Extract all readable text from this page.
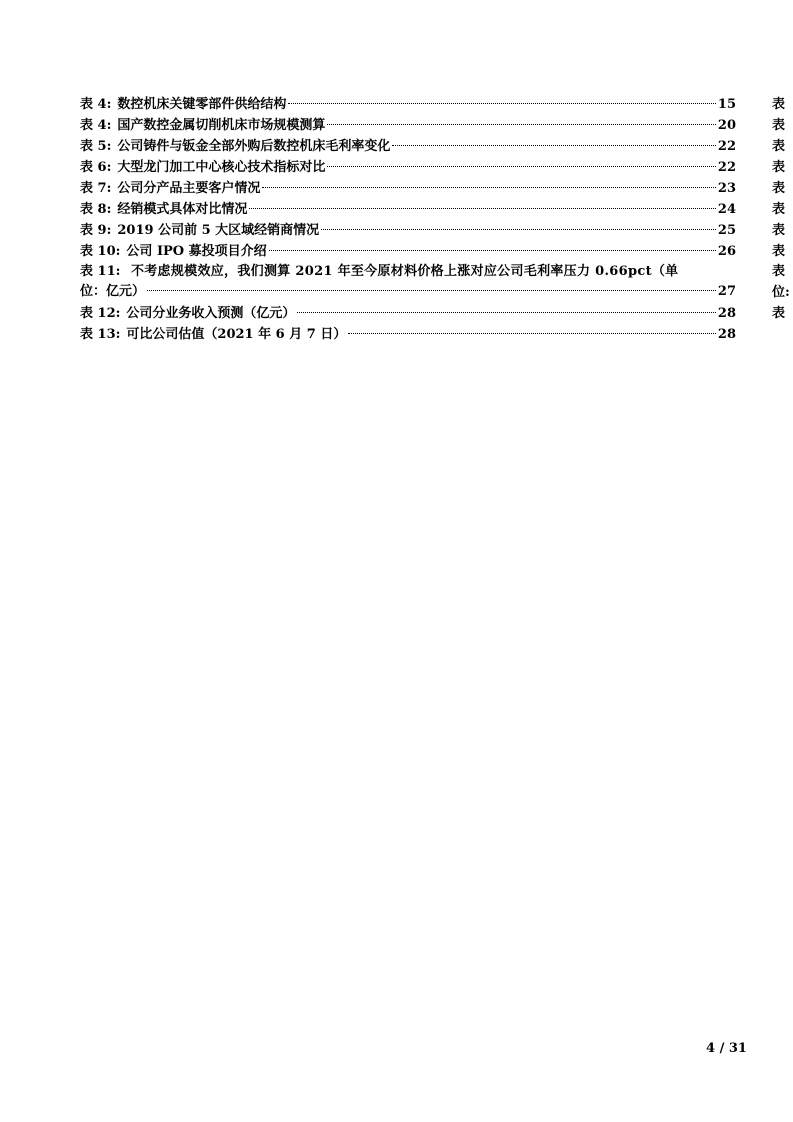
表 4: 数控机床关键零部件供给结构	15
表 4: 国产数控金属切削机床市场规模测算	20
表 5: 公司铸件与钣金全部外购后数控机床毛利率变化	22
表 6: 大型龙门加工中心核心技术指标对比	22
表 7: 公司分产品主要客户情况	23
表 8: 经销模式具体对比情况	24
表 9: 2019 公司前 5 大区域经销商情况	25
表 10: 公司 IPO 募投项目介绍	26
表 11: 不考虑规模效应，我们测算 2021 年至今原材料价格上涨对应公司毛利率压力 0.66pct（单
位：亿元）	27
表 12: 公司分业务收入预测（亿元）	28
表 13: 可比公司估值（2021 年 6 月 7 日）	28
表
表
表
表
表
表
表
表
表
位:
表
4 / 31
